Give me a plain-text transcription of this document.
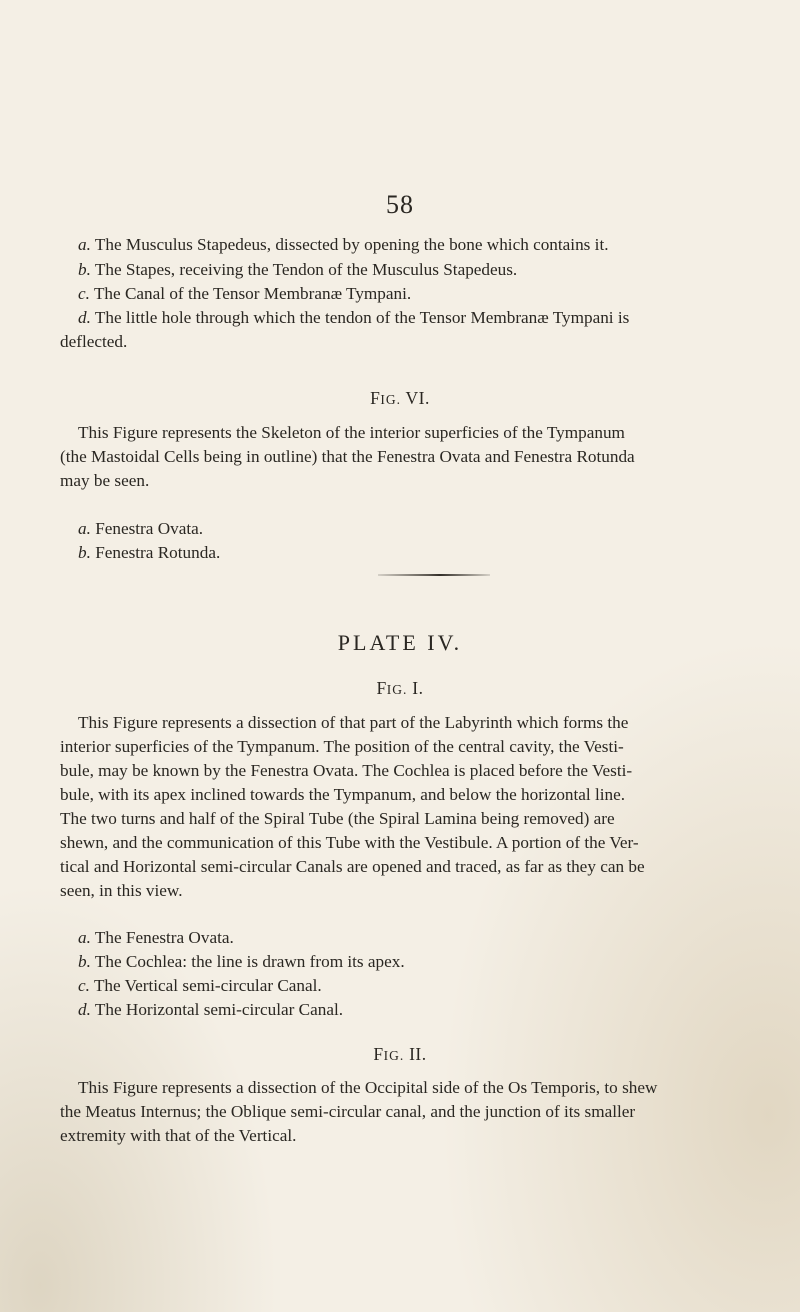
58
a. The Musculus Stapedeus, dissected by opening the bone which contains it.
b. The Stapes, receiving the Tendon of the Musculus Stapedeus.
c. The Canal of the Tensor Membranæ Tympani.
d. The little hole through which the tendon of the Tensor Membranæ Tympani is
deflected.
FIG. VI.
This Figure represents the Skeleton of the interior superficies of the Tympanum
(the Mastoidal Cells being in outline) that the Fenestra Ovata and Fenestra Rotunda
may be seen.
a. Fenestra Ovata.
b. Fenestra Rotunda.
PLATE IV.
FIG. I.
This Figure represents a dissection of that part of the Labyrinth which forms the
interior superficies of the Tympanum. The position of the central cavity, the Vesti-
bule, may be known by the Fenestra Ovata. The Cochlea is placed before the Vesti-
bule, with its apex inclined towards the Tympanum, and below the horizontal line.
The two turns and half of the Spiral Tube (the Spiral Lamina being removed) are
shewn, and the communication of this Tube with the Vestibule. A portion of the Ver-
tical and Horizontal semi-circular Canals are opened and traced, as far as they can be
seen, in this view.
a. The Fenestra Ovata.
b. The Cochlea: the line is drawn from its apex.
c. The Vertical semi-circular Canal.
d. The Horizontal semi-circular Canal.
FIG. II.
This Figure represents a dissection of the Occipital side of the Os Temporis, to shew
the Meatus Internus; the Oblique semi-circular canal, and the junction of its smaller
extremity with that of the Vertical.
